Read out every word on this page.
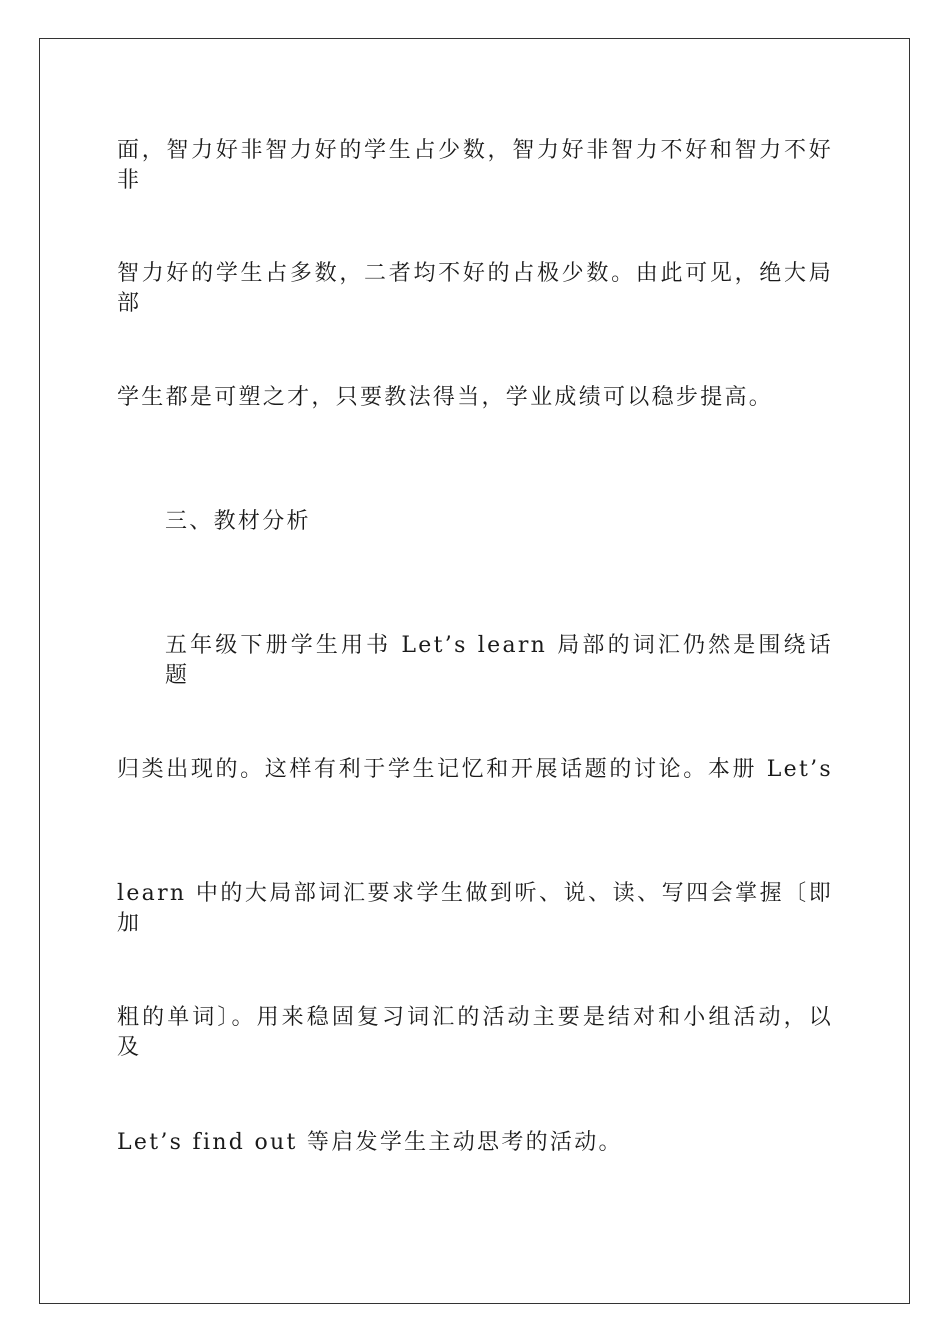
面，智力好非智力好的学生占少数，智力好非智力不好和智力不好非
智力好的学生占多数，二者均不好的占极少数。由此可见，绝大局部
学生都是可塑之才，只要教法得当，学业成绩可以稳步提高。
三、教材分析
五年级下册学生用书 Let’s learn 局部的词汇仍然是围绕话题
归类出现的。这样有利于学生记忆和开展话题的讨论。本册 Let’s
learn 中的大局部词汇要求学生做到听、说、读、写四会掌握〔即加
粗的单词〕。用来稳固复习词汇的活动主要是结对和小组活动，以及
Let’s find out 等启发学生主动思考的活动。
